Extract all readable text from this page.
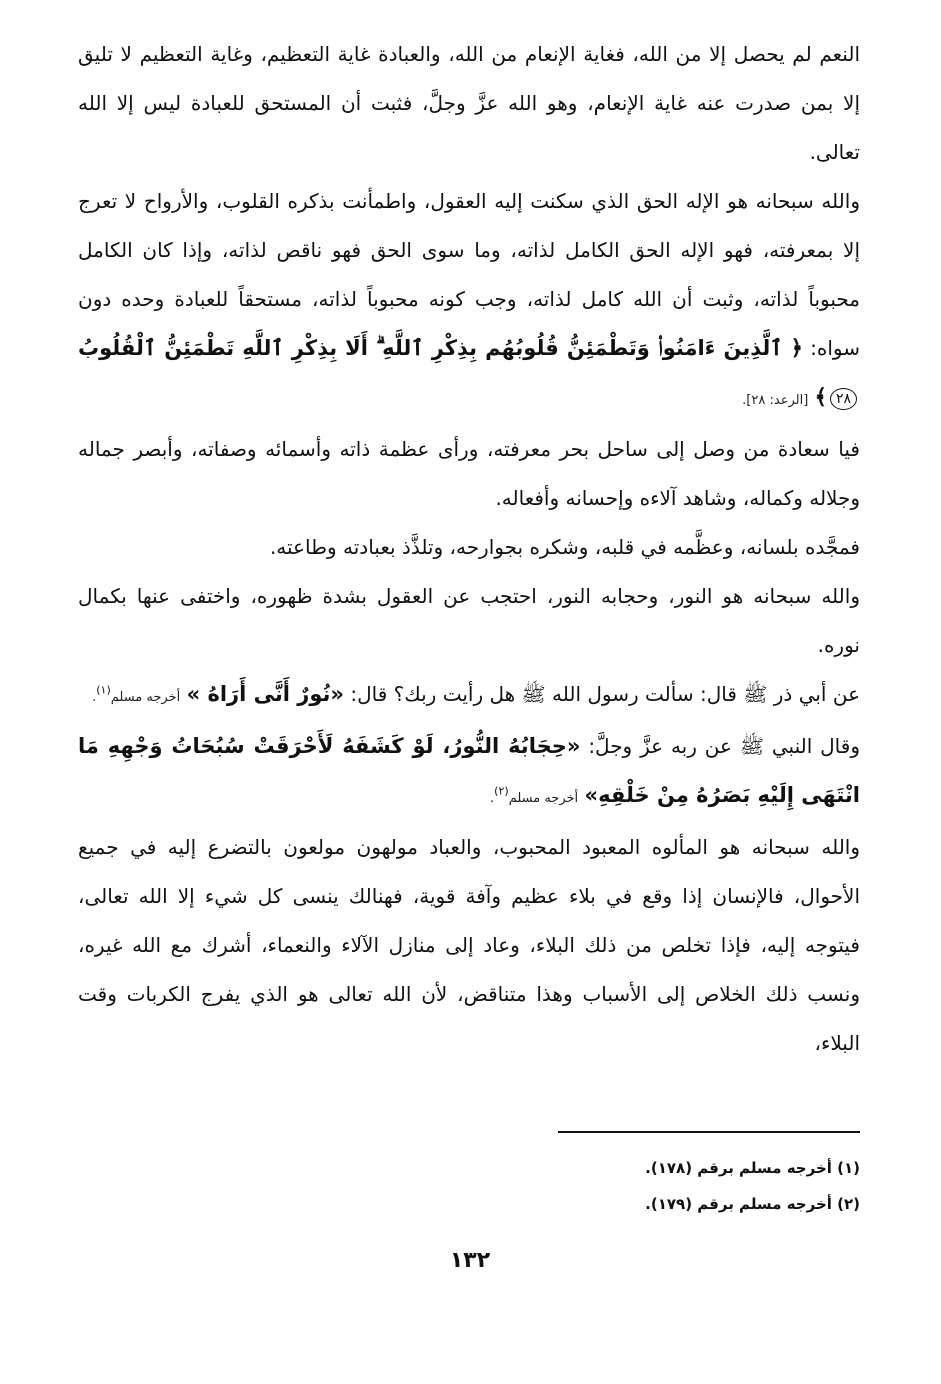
النعم لم يحصل إلا من الله، فغاية الإنعام من الله، والعبادة غاية التعظيم، وغاية التعظيم لا تليق إلا بمن صدرت عنه غاية الإنعام، وهو الله عزَّ وجلَّ، فثبت أن المستحق للعبادة ليس إلا الله تعالى.

والله سبحانه هو الإله الحق الذي سكنت إليه العقول، واطمأنت بذكره القلوب، والأرواح لا تعرج إلا بمعرفته، فهو الإله الحق الكامل لذاته، وما سوى الحق فهو ناقص لذاته، وإذا كان الكامل محبوباً لذاته، وثبت أن الله كامل لذاته، وجب كونه محبوباً لذاته، مستحقاً للعبادة وحده دون سواه: ﴿ ٱلَّذِينَ ءَامَنُوا۟ وَتَطْمَئِنُّ قُلُوبُهُم بِذِكْرِ ٱللَّهِ ۗ أَلَا بِذِكْرِ ٱللَّهِ تَطْمَئِنُّ ٱلْقُلُوبُ٢٨﴾ [الرعد: ٢٨].

فيا سعادة من وصل إلى ساحل بحر معرفته، ورأى عظمة ذاته وأسمائه وصفاته، وأبصر جماله وجلاله وكماله، وشاهد آلاءه وإحسانه وأفعاله.

فمجَّده بلسانه، وعظَّمه في قلبه، وشكره بجوارحه، وتلذَّذ بعبادته وطاعته.

والله سبحانه هو النور، وحجابه النور، احتجب عن العقول بشدة ظهوره، واختفى عنها بكمال نوره.

عن أبي ذر ﷺ قال: سألت رسول الله ﷺ هل رأيت ربك؟ قال: «نُورٌ أَنَّى أَرَاهُ » أخرجه مسلم$^{(١)}$.

وقال النبي ﷺ عن ربه عزَّ وجلَّ: «حِجَابُهُ النُّورُ، لَوْ كَشَفَهُ لَأَحْرَقَتْ سُبُحَاتُ وَجْهِهِ مَا انْتَهَى إِلَيْهِ بَصَرُهُ مِنْ خَلْقِهِ» أخرجه مسلم$^{(٢)}$.

والله سبحانه هو المألوه المعبود المحبوب، والعباد مولهون مولعون بالتضرع إليه في جميع الأحوال، فالإنسان إذا وقع في بلاء عظيم وآفة قوية، فهنالك ينسى كل شيء إلا الله تعالى، فيتوجه إليه، فإذا تخلص من ذلك البلاء، وعاد إلى منازل الآلاء والنعماء، أشرك مع الله غيره، ونسب ذلك الخلاص إلى الأسباب وهذا متناقض، لأن الله تعالى هو الذي يفرج الكربات وقت البلاء،

(١) أخرجه مسلم برقم (١٧٨).

(٢) أخرجه مسلم برقم (١٧٩).

١٣٢
